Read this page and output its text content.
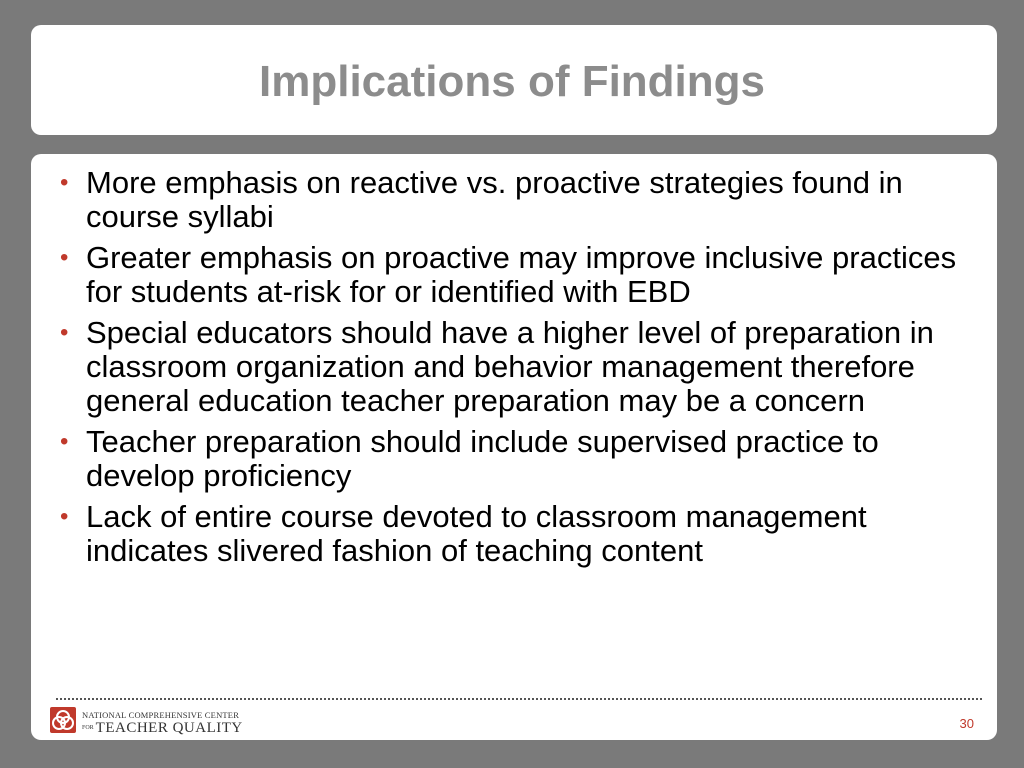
Implications of Findings
• More emphasis on reactive vs. proactive strategies found in course syllabi
• Greater emphasis on proactive may improve inclusive practices for students at-risk for or identified with EBD
• Special educators should have a higher level of preparation in classroom organization and behavior management therefore general education teacher preparation may be a concern
• Teacher preparation should include supervised practice to develop proficiency
• Lack of entire course devoted to classroom management indicates slivered fashion of teaching content
NATIONAL COMPREHENSIVE CENTER
FOR TEACHER QUALITY	30
